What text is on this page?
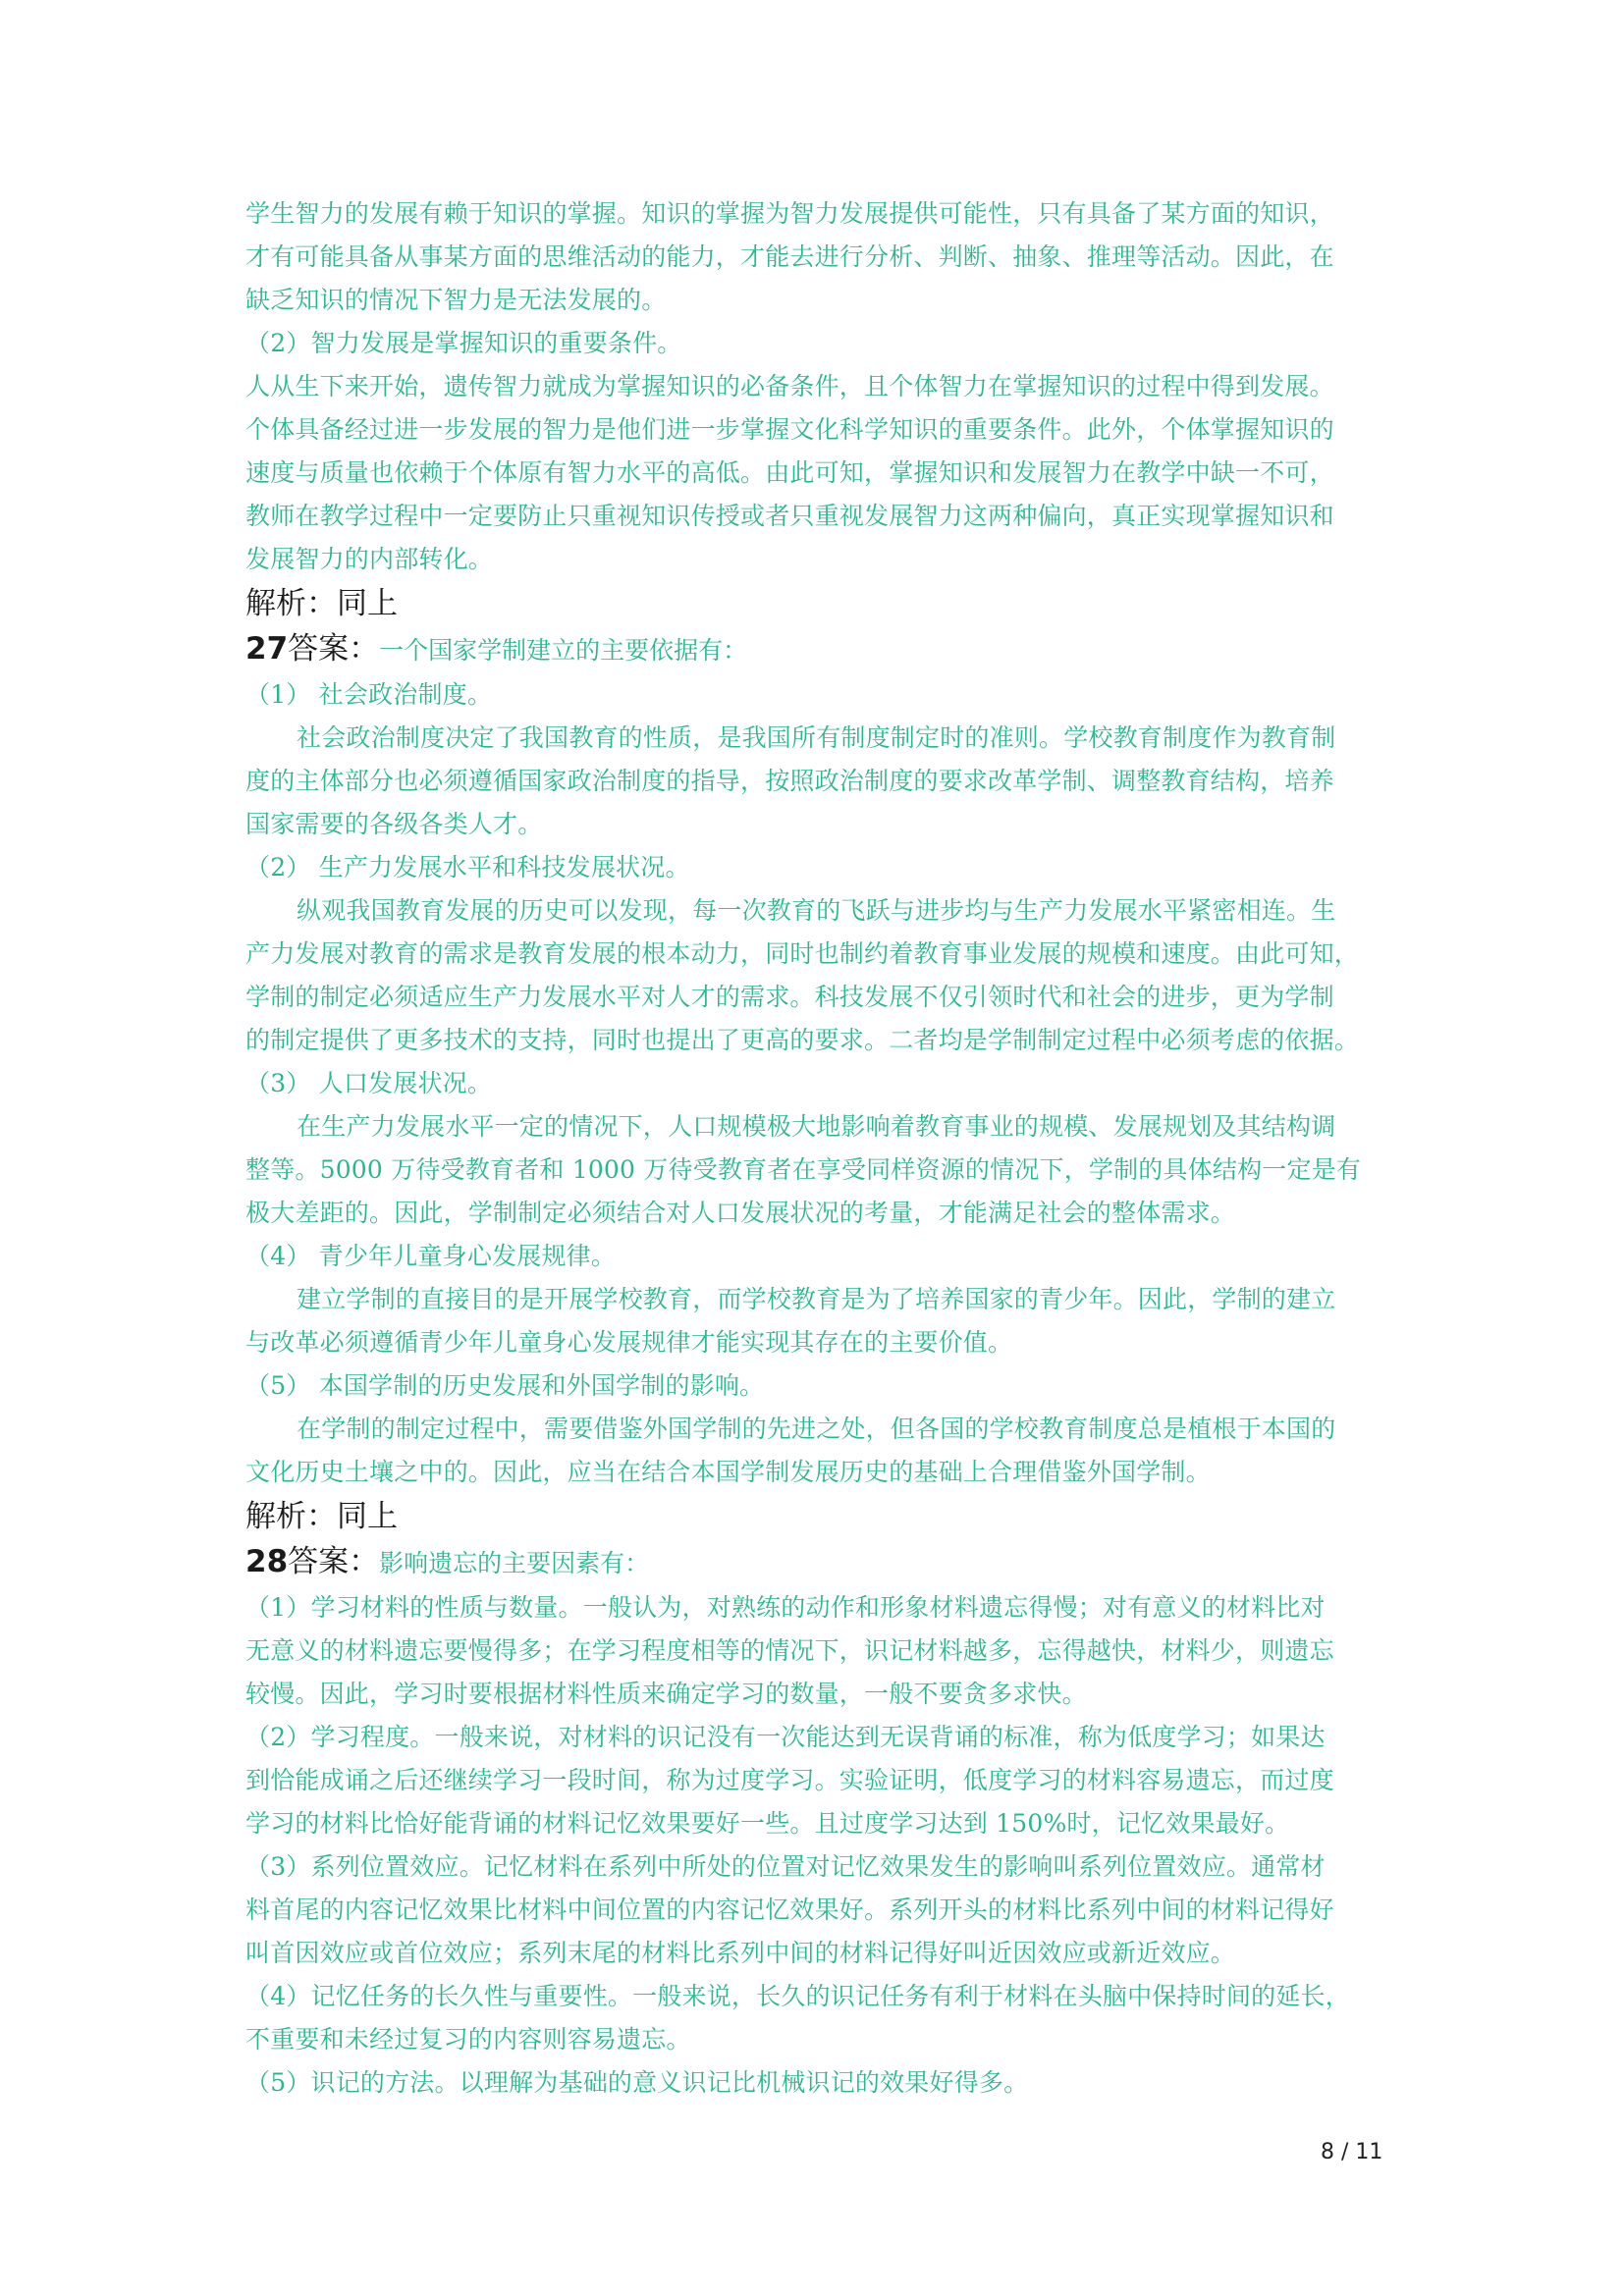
学生智力的发展有赖于知识的掌握。知识的掌握为智力发展提供可能性，只有具备了某方面的知识，
才有可能具备从事某方面的思维活动的能力，才能去进行分析、判断、抽象、推理等活动。因此，在
缺乏知识的情况下智力是无法发展的。
（2）智力发展是掌握知识的重要条件。
人从生下来开始，遗传智力就成为掌握知识的必备条件，且个体智力在掌握知识的过程中得到发展。
个体具备经过进一步发展的智力是他们进一步掌握文化科学知识的重要条件。此外，个体掌握知识的
速度与质量也依赖于个体原有智力水平的高低。由此可知，掌握知识和发展智力在教学中缺一不可，
教师在教学过程中一定要防止只重视知识传授或者只重视发展智力这两种偏向，真正实现掌握知识和
发展智力的内部转化。
解析：同上
27答案：一个国家学制建立的主要依据有：
（1） 社会政治制度。
社会政治制度决定了我国教育的性质，是我国所有制度制定时的准则。学校教育制度作为教育制
度的主体部分也必须遵循国家政治制度的指导，按照政治制度的要求改革学制、调整教育结构，培养
国家需要的各级各类人才。
（2） 生产力发展水平和科技发展状况。
纵观我国教育发展的历史可以发现，每一次教育的飞跃与进步均与生产力发展水平紧密相连。生
产力发展对教育的需求是教育发展的根本动力，同时也制约着教育事业发展的规模和速度。由此可知，
学制的制定必须适应生产力发展水平对人才的需求。科技发展不仅引领时代和社会的进步，更为学制
的制定提供了更多技术的支持，同时也提出了更高的要求。二者均是学制制定过程中必须考虑的依据。
（3） 人口发展状况。
在生产力发展水平一定的情况下，人口规模极大地影响着教育事业的规模、发展规划及其结构调
整等。5000 万待受教育者和 1000 万待受教育者在享受同样资源的情况下，学制的具体结构一定是有
极大差距的。因此，学制制定必须结合对人口发展状况的考量，才能满足社会的整体需求。
（4） 青少年儿童身心发展规律。
建立学制的直接目的是开展学校教育，而学校教育是为了培养国家的青少年。因此，学制的建立
与改革必须遵循青少年儿童身心发展规律才能实现其存在的主要价值。
（5） 本国学制的历史发展和外国学制的影响。
在学制的制定过程中，需要借鉴外国学制的先进之处，但各国的学校教育制度总是植根于本国的
文化历史土壤之中的。因此，应当在结合本国学制发展历史的基础上合理借鉴外国学制。
解析：同上
28答案：影响遗忘的主要因素有：
（1）学习材料的性质与数量。一般认为，对熟练的动作和形象材料遗忘得慢；对有意义的材料比对
无意义的材料遗忘要慢得多；在学习程度相等的情况下，识记材料越多，忘得越快，材料少，则遗忘
较慢。因此，学习时要根据材料性质来确定学习的数量，一般不要贪多求快。
（2）学习程度。一般来说，对材料的识记没有一次能达到无误背诵的标准，称为低度学习；如果达
到恰能成诵之后还继续学习一段时间，称为过度学习。实验证明，低度学习的材料容易遗忘，而过度
学习的材料比恰好能背诵的材料记忆效果要好一些。且过度学习达到 150%时，记忆效果最好。
（3）系列位置效应。记忆材料在系列中所处的位置对记忆效果发生的影响叫系列位置效应。通常材
料首尾的内容记忆效果比材料中间位置的内容记忆效果好。系列开头的材料比系列中间的材料记得好
叫首因效应或首位效应；系列末尾的材料比系列中间的材料记得好叫近因效应或新近效应。
（4）记忆任务的长久性与重要性。一般来说，长久的识记任务有利于材料在头脑中保持时间的延长，
不重要和未经过复习的内容则容易遗忘。
（5）识记的方法。以理解为基础的意义识记比机械识记的效果好得多。
8 / 11
